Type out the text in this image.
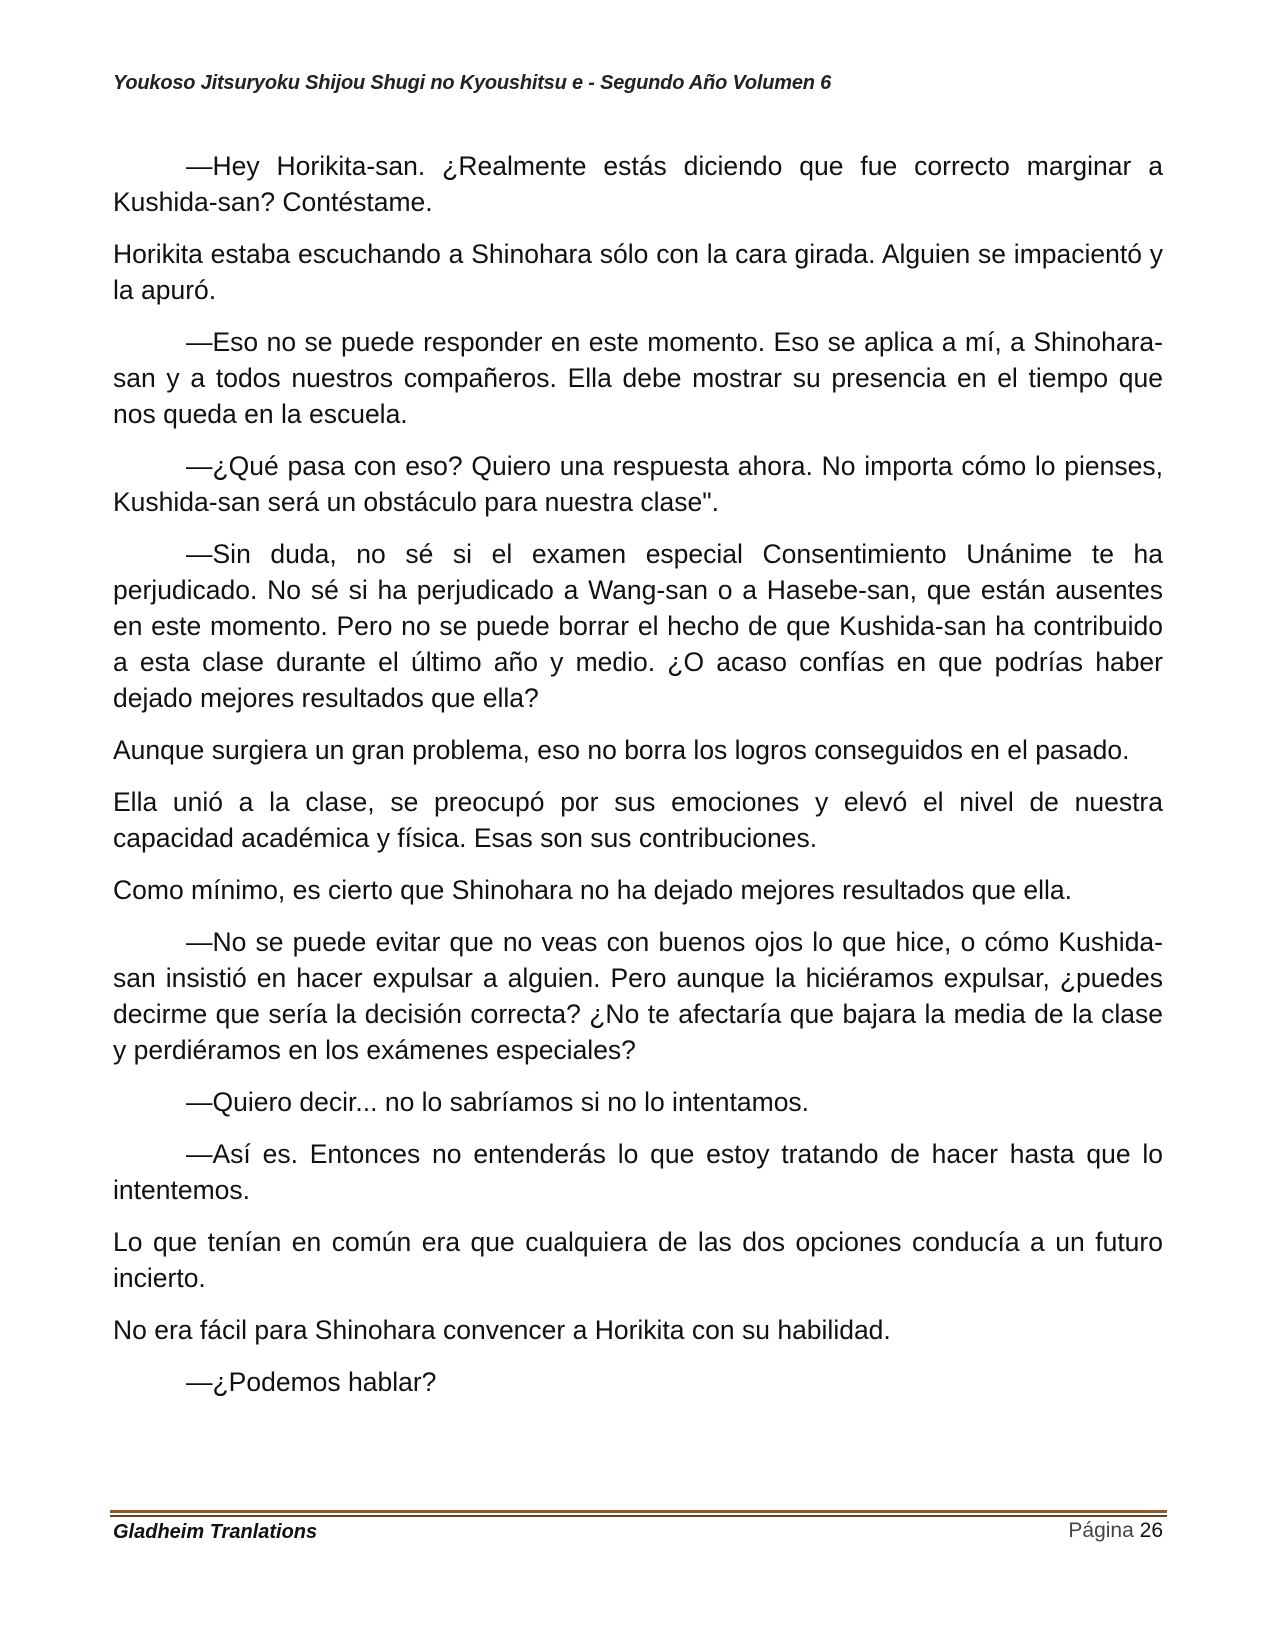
Youkoso Jitsuryoku Shijou Shugi no Kyoushitsu e - Segundo Año Volumen 6

—Hey Horikita-san. ¿Realmente estás diciendo que fue correcto marginar a Kushida-san? Contéstame.

Horikita estaba escuchando a Shinohara sólo con la cara girada. Alguien se impacientó y la apuró.

—Eso no se puede responder en este momento. Eso se aplica a mí, a Shinohara-san y a todos nuestros compañeros. Ella debe mostrar su presencia en el tiempo que nos queda en la escuela.

—¿Qué pasa con eso? Quiero una respuesta ahora. No importa cómo lo pienses, Kushida-san será un obstáculo para nuestra clase".

—Sin duda, no sé si el examen especial Consentimiento Unánime te ha perjudicado. No sé si ha perjudicado a Wang-san o a Hasebe-san, que están ausentes en este momento. Pero no se puede borrar el hecho de que Kushida-san ha contribuido a esta clase durante el último año y medio. ¿O acaso confías en que podrías haber dejado mejores resultados que ella?

Aunque surgiera un gran problema, eso no borra los logros conseguidos en el pasado.

Ella unió a la clase, se preocupó por sus emociones y elevó el nivel de nuestra capacidad académica y física. Esas son sus contribuciones.

Como mínimo, es cierto que Shinohara no ha dejado mejores resultados que ella.

—No se puede evitar que no veas con buenos ojos lo que hice, o cómo Kushida-san insistió en hacer expulsar a alguien. Pero aunque la hiciéramos expulsar, ¿puedes decirme que sería la decisión correcta? ¿No te afectaría que bajara la media de la clase y perdiéramos en los exámenes especiales?

—Quiero decir... no lo sabríamos si no lo intentamos.

—Así es. Entonces no entenderás lo que estoy tratando de hacer hasta que lo intentemos.

Lo que tenían en común era que cualquiera de las dos opciones conducía a un futuro incierto.

No era fácil para Shinohara convencer a Horikita con su habilidad.

—¿Podemos hablar?

Gladheim Tranlations	Página 26
